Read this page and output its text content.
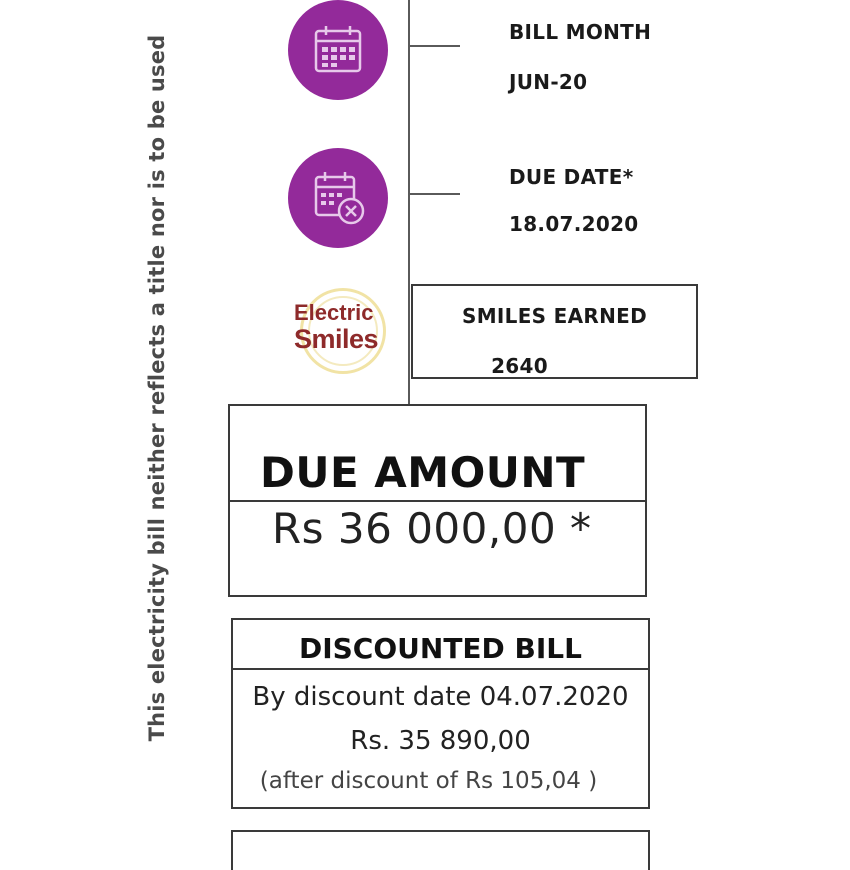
This electricity bill neither reflects a title nor is to be used
BILL MONTH
JUN-20
DUE DATE*
18.07.2020
Electric
Smiles
SMILES EARNED
2640
DUE AMOUNT
Rs 36 000,00 *
DISCOUNTED BILL
By discount date 04.07.2020
Rs. 35 890,00
(after discount of Rs 105,04 )
